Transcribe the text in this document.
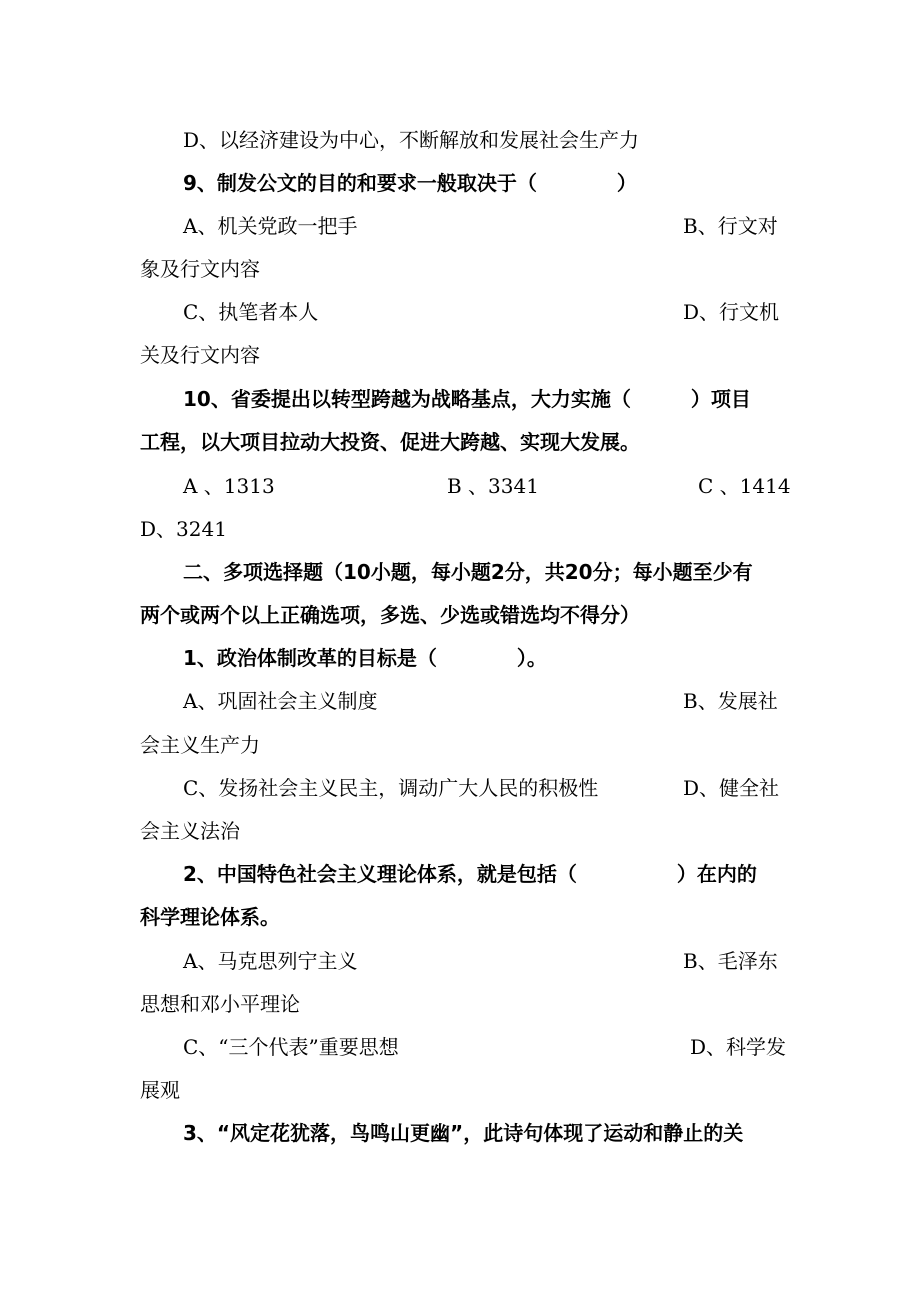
D、以经济建设为中心，不断解放和发展社会生产力
9、制发公文的目的和要求一般取决于（　　　　）
A、机关党政一把手	B、行文对
象及行文内容
C、执笔者本人	D、行文机
关及行文内容
10、省委提出以转型跨越为战略基点，大力实施（　　　）项目
工程，以大项目拉动大投资、促进大跨越、实现大发展。
A 、1313	B 、3341	C 、1414
D、3241
二、多项选择题（10小题，每小题2分，共20分；每小题至少有
两个或两个以上正确选项，多选、少选或错选均不得分）
1、政治体制改革的目标是（　　　　）。
A、巩固社会主义制度	B、发展社
会主义生产力
C、发扬社会主义民主，调动广大人民的积极性	D、健全社
会主义法治
2、中国特色社会主义理论体系，就是包括（　　　　　）在内的
科学理论体系。
A、马克思列宁主义	B、毛泽东
思想和邓小平理论
C、“三个代表”重要思想	D、科学发
展观
3、“风定花犹落，鸟鸣山更幽”，此诗句体现了运动和静止的关
